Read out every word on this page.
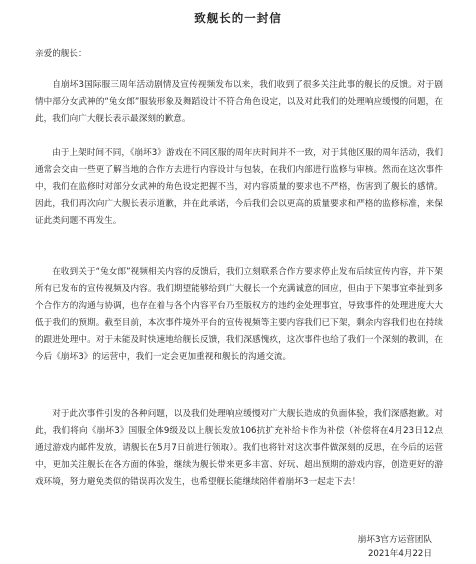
致舰长的一封信
亲爱的舰长：
自崩坏3国际服三周年活动剧情及宣传视频发布以来，我们收到了很多关注此事的舰长的反馈。对于剧情中部分女武神的“兔女郎”服装形象及舞蹈设计不符合角色设定，以及对此我们的处理响应缓慢的问题，在此，我们向广大舰长表示最深刻的歉意。
由于上架时间不同，《崩坏3》游戏在不同区服的周年庆时间并不一致，对于其他区服的周年活动，我们通常会交由一些更了解当地的合作方去进行内容设计与包装，在我们内部进行监修与审核。然而在这次事件中，我们在监修时对部分女武神的角色设定把握不当，对内容质量的要求也不严格，伤害到了舰长的感情。因此，我们再次向广大舰长表示道歉，并在此承诺，今后我们会以更高的质量要求和严格的监修标准，来保证此类问题不再发生。
在收到关于“兔女郎”视频相关内容的反馈后，我们立刻联系合作方要求停止发布后续宣传内容，并下架所有已发布的宣传视频及内容。我们期望能够给到广大舰长一个充满诚意的回应，但由于下架事宜牵扯到多个合作方的沟通与协调，也存在着与各个内容平台乃至版权方的违约金处理事宜，导致事件的处理进度大大低于我们的预期。截至目前，本次事件境外平台的宣传视频等主要内容我们已下架，剩余内容我们也在持续的跟进处理中。对于未能及时快速地给舰长反馈，我们深感愧疚，这次事件也给了我们一个深刻的教训，在今后《崩坏3》的运营中，我们一定会更加重视和舰长的沟通交流。
对于此次事件引发的各种问题，以及我们处理响应缓慢对广大舰长造成的负面体验，我们深感抱歉。对此，我们将向《崩坏3》国服全体9级及以上舰长发放106抗扩充补给卡作为补偿（补偿将在4月23日12点通过游戏内邮件发放，请舰长在5月7日前进行领取）。我们也将针对这次事件做深刻的反思，在今后的运营中，更加关注舰长在各方面的体验，继续为舰长带来更多丰富、好玩、超出预期的游戏内容，创造更好的游戏环境，努力避免类似的错误再次发生，也希望舰长能继续陪伴着崩坏3一起走下去！
崩坏3官方运营团队
2021年4月22日
